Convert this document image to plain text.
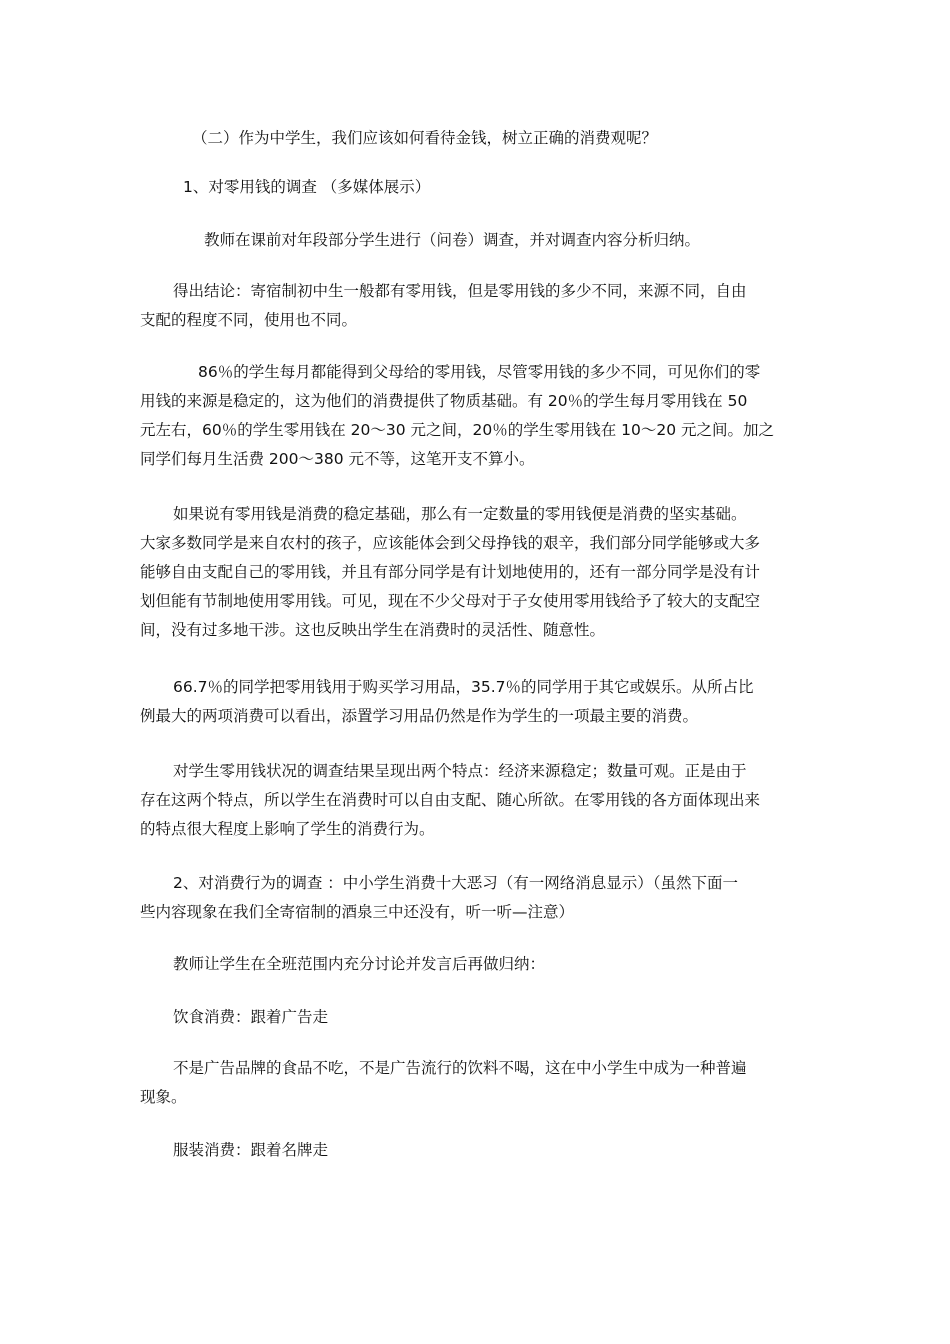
（二）作为中学生，我们应该如何看待金钱，树立正确的消费观呢？

1、对零用钱的调查 （多媒体展示）

教师在课前对年段部分学生进行（问卷）调查，并对调查内容分析归纳。

得出结论：寄宿制初中生一般都有零用钱，但是零用钱的多少不同，来源不同，自由
支配的程度不同，使用也不同。

86％的学生每月都能得到父母给的零用钱，尽管零用钱的多少不同，可见你们的零
用钱的来源是稳定的，这为他们的消费提供了物质基础。有 20％的学生每月零用钱在 50
元左右，60％的学生零用钱在 20～30 元之间，20％的学生零用钱在 10～20 元之间。加之
同学们每月生活费 200～380 元不等，这笔开支不算小。

如果说有零用钱是消费的稳定基础，那么有一定数量的零用钱便是消费的坚实基础。
大家多数同学是来自农村的孩子，应该能体会到父母挣钱的艰辛，我们部分同学能够或大多
能够自由支配自己的零用钱，并且有部分同学是有计划地使用的，还有一部分同学是没有计
划但能有节制地使用零用钱。可见，现在不少父母对于子女使用零用钱给予了较大的支配空
间，没有过多地干涉。这也反映出学生在消费时的灵活性、随意性。

66.7％的同学把零用钱用于购买学习用品，35.7％的同学用于其它或娱乐。从所占比
例最大的两项消费可以看出，添置学习用品仍然是作为学生的一项最主要的消费。

对学生零用钱状况的调查结果呈现出两个特点：经济来源稳定；数量可观。正是由于
存在这两个特点，所以学生在消费时可以自由支配、随心所欲。在零用钱的各方面体现出来
的特点很大程度上影响了学生的消费行为。

2、对消费行为的调查 ：中小学生消费十大恶习（有一网络消息显示）（虽然下面一
些内容现象在我们全寄宿制的酒泉三中还没有，听一听—注意）

教师让学生在全班范围内充分讨论并发言后再做归纳：

饮食消费：跟着广告走

不是广告品牌的食品不吃，不是广告流行的饮料不喝，这在中小学生中成为一种普遍
现象。

服装消费：跟着名牌走
